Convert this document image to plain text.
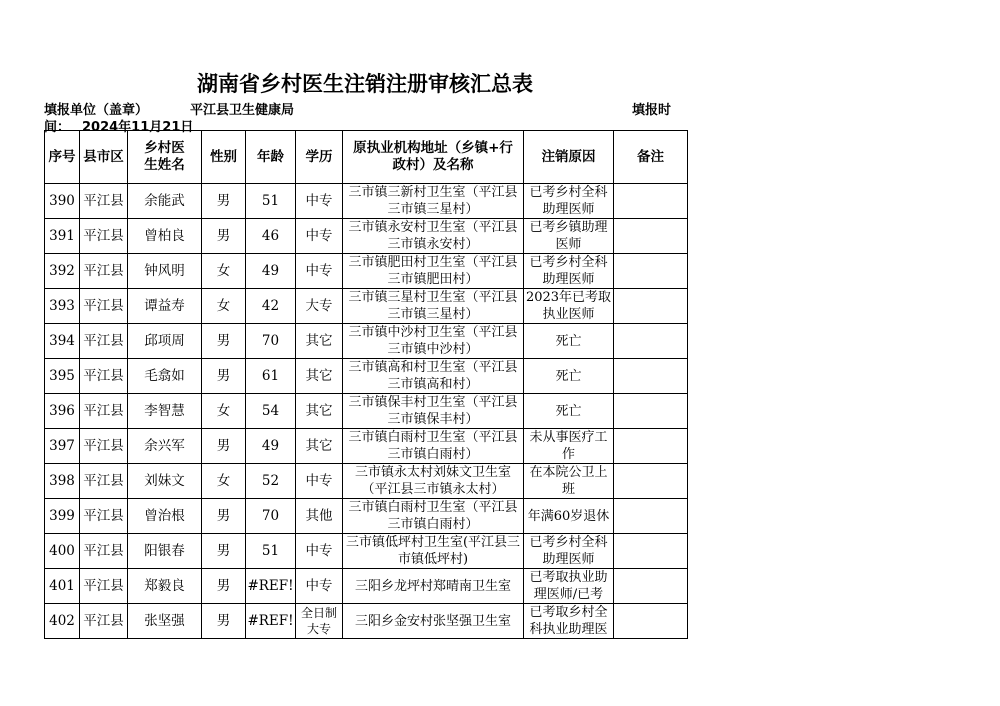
湖南省乡村医生注销注册审核汇总表
填报单位（盖章）	平江县卫生健康局	填报时
间： 2024年11月21日
序号	县市区	乡村医生姓名	性别	年龄	学历	原执业机构地址（乡镇+行政村）及名称	注销原因	备注
390	平江县	余能武	男	51	中专	三市镇三新村卫生室（平江县三市镇三星村）	已考乡村全科助理医师	
391	平江县	曾柏良	男	46	中专	三市镇永安村卫生室（平江县三市镇永安村）	已考乡镇助理医师	
392	平江县	钟风明	女	49	中专	三市镇肥田村卫生室（平江县三市镇肥田村）	已考乡村全科助理医师	
393	平江县	谭益寿	女	42	大专	三市镇三星村卫生室（平江县三市镇三星村）	2023年已考取执业医师	
394	平江县	邱项周	男	70	其它	三市镇中沙村卫生室（平江县三市镇中沙村）	死亡	
395	平江县	毛翕如	男	61	其它	三市镇高和村卫生室（平江县三市镇高和村）	死亡	
396	平江县	李智慧	女	54	其它	三市镇保丰村卫生室（平江县三市镇保丰村）	死亡	
397	平江县	余兴军	男	49	其它	三市镇白雨村卫生室（平江县三市镇白雨村）	未从事医疗工作	
398	平江县	刘妹文	女	52	中专	三市镇永太村刘妹文卫生室（平江县三市镇永太村）	在本院公卫上班	
399	平江县	曾治根	男	70	其他	三市镇白雨村卫生室（平江县三市镇白雨村）	年满60岁退休	
400	平江县	阳银春	男	51	中专	三市镇低坪村卫生室(平江县三市镇低坪村)	已考乡村全科助理医师	
401	平江县	郑毅良	男	#REF!	中专	三阳乡龙坪村郑晴南卫生室	已考取执业助理医师/已考	
402	平江县	张坚强	男	#REF!	全日制大专	三阳乡金安村张坚强卫生室	已考取乡村全科执业助理医	
